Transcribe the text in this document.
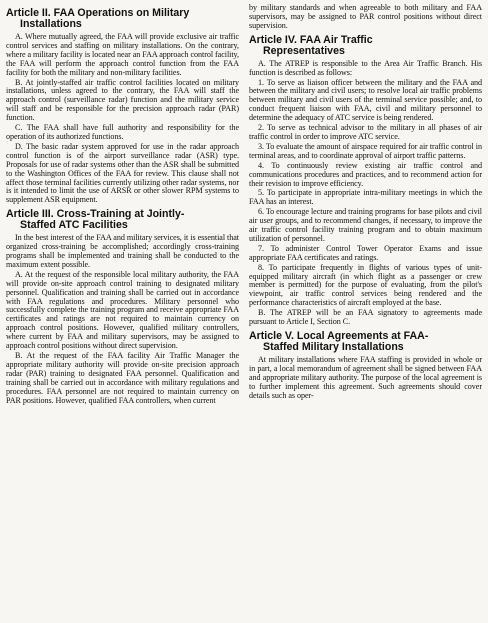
Article II. FAA Operations on Military
Installations

A. Where mutually agreed, the FAA will provide exclusive air traffic control services and staffing on military installations. On the contrary, where a military facility is located near an FAA approach control facility, the FAA will perform the approach control function from the FAA facility for both the military and non-military facilities.

B. At jointly-staffed air traffic control facilities located on military installations, unless agreed to the contrary, the FAA will staff the approach control (surveillance radar) function and the military service will staff and be responsible for the precision approach radar (PAR) function.

C. The FAA shall have full authority and responsibility for the operation of its authorized functions.

D. The basic radar system approved for use in the radar approach control function is of the airport surveillance radar (ASR) type. Proposals for use of radar systems other than the ASR shall be submitted to the Washington Offices of the FAA for review. This clause shall not affect those terminal facilities currently utilizing other radar systems, nor is it intended to limit the use of ARSR or other slower RPM systems to supplement ASR equipment.

Article III. Cross-Training at Jointly-
Staffed ATC Facilities

In the best interest of the FAA and military services, it is essential that organized cross-training be accomplished; accordingly cross-training programs shall be implemented and training shall be conducted to the maximum extent possible.

A. At the request of the responsible local military authority, the FAA will provide on-site approach control training to designated military personnel. Qualification and training shall be carried out in accordance with FAA regulations and procedures. Military personnel who successfully complete the training program and receive appropriate FAA certificates and ratings are not required to maintain currency on approach control positions. However, qualified military controllers, where current by FAA and military supervisors, may be assigned to approach control positions without direct supervision.

B. At the request of the FAA facility Air Traffic Manager the appropriate military authority will provide on-site precision approach radar (PAR) training to designated FAA personnel. Qualification and training shall be carried out in accordance with military regulations and procedures. FAA personnel are not required to maintain currency on PAR positions. However, qualified FAA controllers, when current

by military standards and when agreeable to both military and FAA supervisors, may be assigned to PAR control positions without direct supervision.

Article IV. FAA Air Traffic
Representatives

A. The ATREP is responsible to the Area Air Traffic Branch. His function is described as follows:

1. To serve as liaison officer between the military and the FAA and between the military and civil users; to resolve local air traffic problems between military and civil users of the terminal service possible; and, to conduct frequent liaison with FAA, civil and military personnel to determine the adequacy of ATC service is being rendered.

2. To serve as technical advisor to the military in all phases of air traffic control in order to improve ATC service.

3. To evaluate the amount of airspace required for air traffic control in terminal areas, and to coordinate approval of airport traffic patterns.

4. To continuously review existing air traffic control and communications procedures and practices, and to recommend action for their revision to improve efficiency.

5. To participate in appropriate intra-military meetings in which the FAA has an interest.

6. To encourage lecture and training programs for base pilots and civil air user groups, and to recommend changes, if necessary, to improve the air traffic control facility training program and to obtain maximum utilization of personnel.

7. To administer Control Tower Operator Exams and issue appropriate FAA certificates and ratings.

8. To participate frequently in flights of various types of unit-equipped military aircraft (in which flight as a passenger or crew member is permitted) for the purpose of evaluating, from the pilot's viewpoint, air traffic control services being rendered and the performance characteristics of aircraft employed at the base.

B. The ATREP will be an FAA signatory to agreements made pursuant to Article I, Section C.

Article V. Local Agreements at FAA-
Staffed Military Installations

At military installations where FAA staffing is provided in whole or in part, a local memorandum of agreement shall be signed between FAA and appropriate military authority. The purpose of the local agreement is to further implement this agreement. Such agreements should cover details such as oper-
